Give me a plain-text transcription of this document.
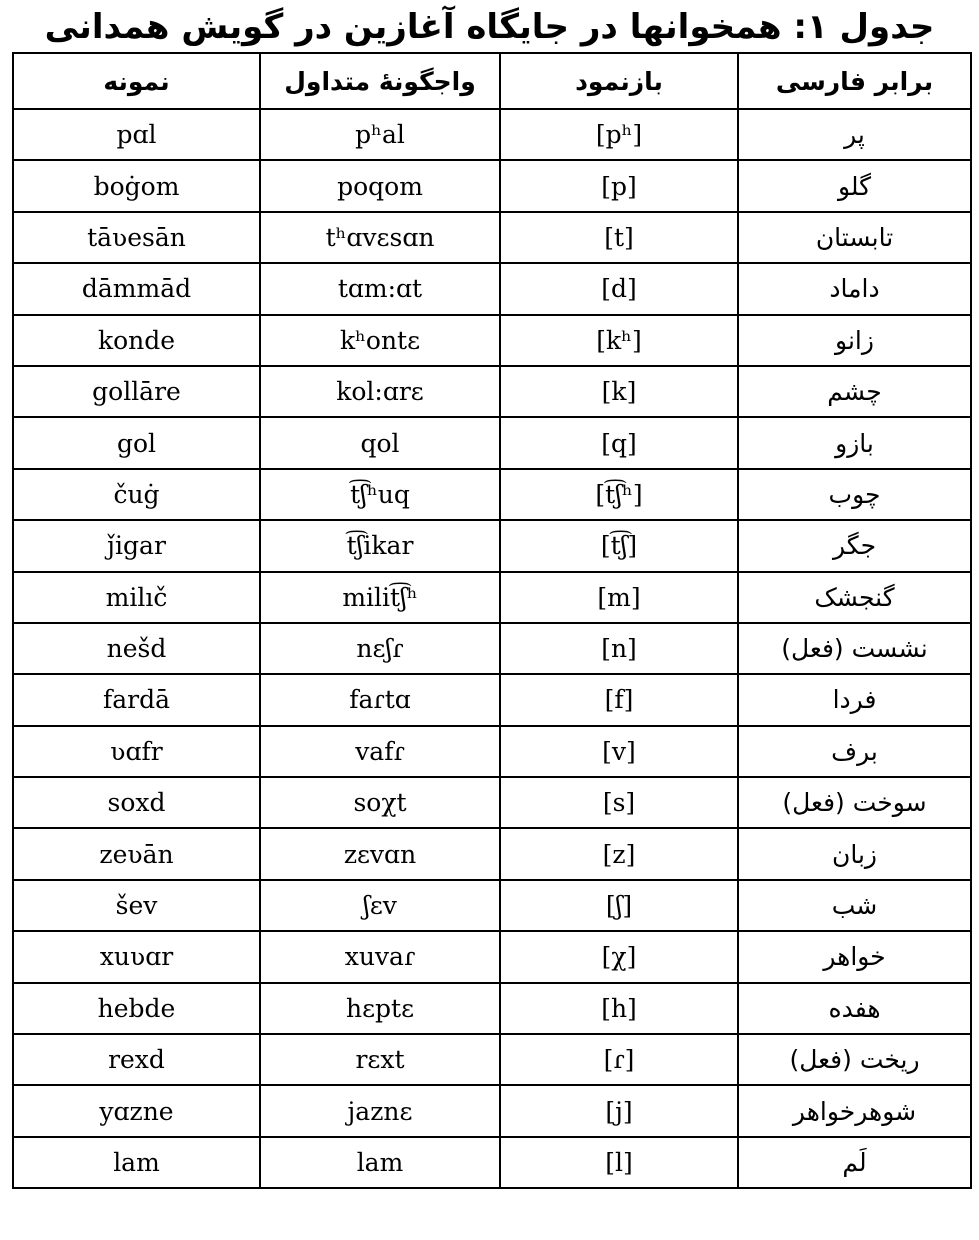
جدول ۱: همخوانها در جایگاه آغازین در گویش همدانی
برابر فارسی	بازنمود	واجگونهٔ متداول	نمونه
پر	[pʰ]	pʰal	pɑl
گلو	[p]	poqom	boġom
تابستان	[t]	tʰɑvɛsɑn	tāʋesān
داماد	[d]	tɑm:ɑt	dāmmād
زانو	[kʰ]	kʰontɛ	konde
چشم	[k]	kol:ɑrɛ	gollāre
بازو	[q]	qol	gol
چوب	[t͡ʃʰ]	t͡ʃʰuq	čuġ
جگر	[t͡ʃ]	t͡ʃikar	ǰigar
گنجشک	[m]	milit͡ʃʰ	milıč
نشست (فعل)	[n]	nɛʃɾ	nešd
فردا	[f]	faɾtɑ	fardā
برف	[v]	vafɾ	ʋɑfr
سوخت (فعل)	[s]	soχt	soxd
زبان	[z]	zɛvɑn	zeʋān
شب	[ʃ]	ʃɛv	šev
خواهر	[χ]	xuvaɾ	xuʋɑr
هفده	[h]	hɛptɛ	hebde
ریخت (فعل)	[ɾ]	rɛxt	rexd
شوهرخواهر	[j]	jaznɛ	yɑzne
لَم	[l]	lam	lam
